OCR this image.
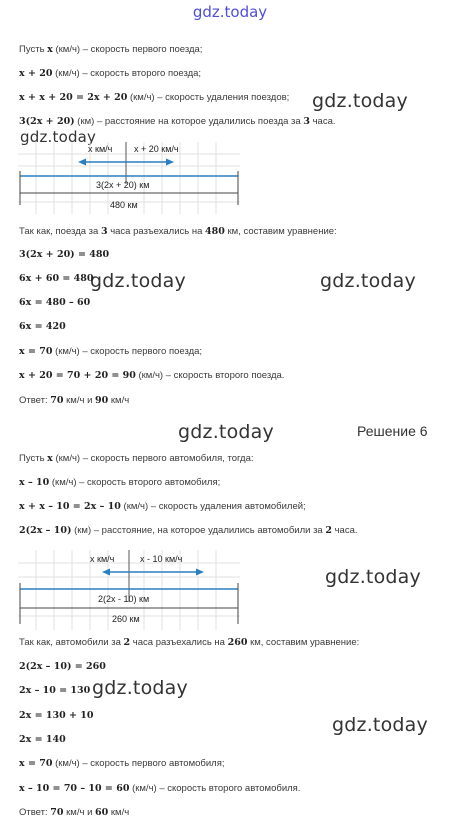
gdz.today
gdz.today
gdz.today
gdz.today	gdz.today
gdz.today	Решение 6
gdz.today
gdz.today
gdz.today
Пусть x (км/ч) – скорость первого поезда;
x + 20 (км/ч) – скорость второго поезда;
x + x + 20 = 2x + 20 (км/ч) – скорость удаления поездов;
3(2x + 20) (км) – расстояние на которое удалились поезда за 3 часа.
x км/ч x + 20 км/ч
3(2x + 20) км
480 км
Так как, поезда за 3 часа разъехались на 480 км, составим уравнение:
3(2x + 20) = 480
6x + 60 = 480
6x = 480 – 60
6x = 420
x = 70 (км/ч) – скорость первого поезда;
x + 20 = 70 + 20 = 90 (км/ч) – скорость второго поезда.
Ответ: 70 км/ч и 90 км/ч
Пусть x (км/ч) – скорость первого автомобиля, тогда:
x – 10 (км/ч) – скорость второго автомобиля;
x + x – 10 = 2x – 10 (км/ч) – скорость удаления автомобилей;
2(2x – 10) (км) – расстояние, на которое удалились автомобили за 2 часа.
x км/ч	x - 10 км/ч
2(2x - 10) км
260 км
Так как, автомобили за 2 часа разъехались на 260 км, составим уравнение:
2(2x – 10) = 260
2x – 10 = 130
2x = 130 + 10
2x = 140
x = 70 (км/ч) – скорость первого автомобиля;
x – 10 = 70 – 10 = 60 (км/ч) – скорость второго автомобиля.
Ответ: 70 км/ч и 60 км/ч
